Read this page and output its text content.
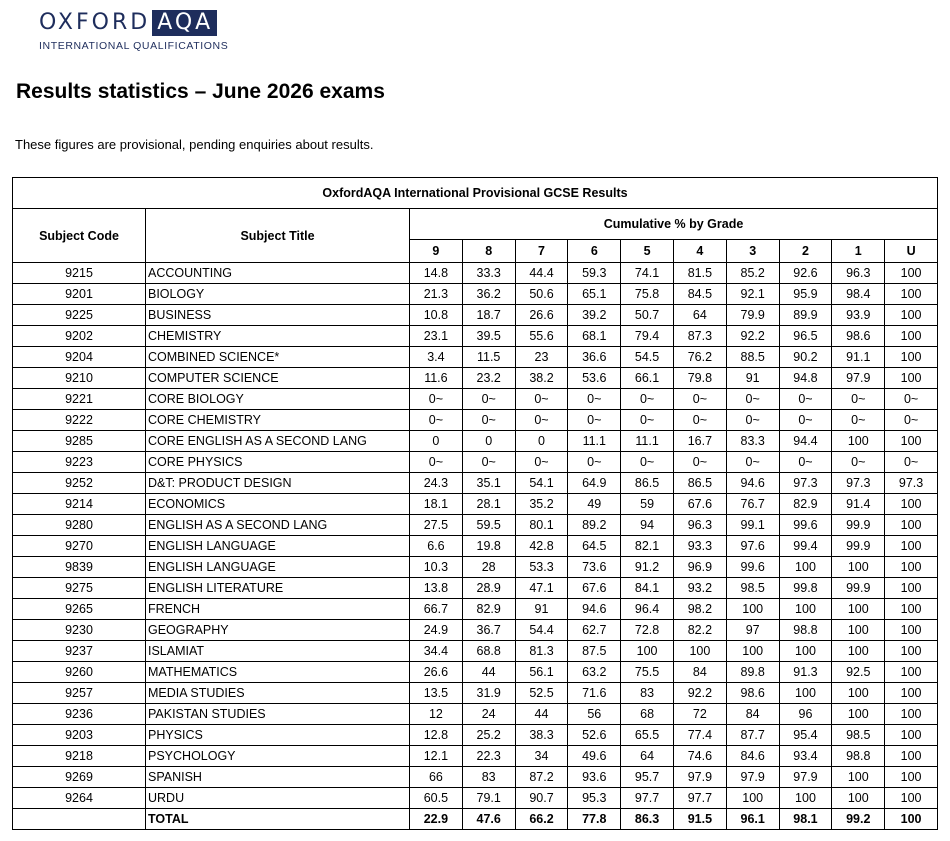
OXFORD AQA
INTERNATIONAL QUALIFICATIONS
Results statistics – June 2026 exams
These figures are provisional, pending enquiries about results.
OxfordAQA International Provisional GCSE Results											
Subject Code	Subject Title	Cumulative % by Grade									
		9	8	7	6	5	4	3	2	1	U
9215	ACCOUNTING	14.8	33.3	44.4	59.3	74.1	81.5	85.2	92.6	96.3	100
9201	BIOLOGY	21.3	36.2	50.6	65.1	75.8	84.5	92.1	95.9	98.4	100
9225	BUSINESS	10.8	18.7	26.6	39.2	50.7	64	79.9	89.9	93.9	100
9202	CHEMISTRY	23.1	39.5	55.6	68.1	79.4	87.3	92.2	96.5	98.6	100
9204	COMBINED SCIENCE*	3.4	11.5	23	36.6	54.5	76.2	88.5	90.2	91.1	100
9210	COMPUTER SCIENCE	11.6	23.2	38.2	53.6	66.1	79.8	91	94.8	97.9	100
9221	CORE BIOLOGY	0~	0~	0~	0~	0~	0~	0~	0~	0~	0~
9222	CORE CHEMISTRY	0~	0~	0~	0~	0~	0~	0~	0~	0~	0~
9285	CORE ENGLISH AS A SECOND LANG	0	0	0	11.1	11.1	16.7	83.3	94.4	100	100
9223	CORE PHYSICS	0~	0~	0~	0~	0~	0~	0~	0~	0~	0~
9252	D&T: PRODUCT DESIGN	24.3	35.1	54.1	64.9	86.5	86.5	94.6	97.3	97.3	97.3
9214	ECONOMICS	18.1	28.1	35.2	49	59	67.6	76.7	82.9	91.4	100
9280	ENGLISH AS A SECOND LANG	27.5	59.5	80.1	89.2	94	96.3	99.1	99.6	99.9	100
9270	ENGLISH LANGUAGE	6.6	19.8	42.8	64.5	82.1	93.3	97.6	99.4	99.9	100
9839	ENGLISH LANGUAGE	10.3	28	53.3	73.6	91.2	96.9	99.6	100	100	100
9275	ENGLISH LITERATURE	13.8	28.9	47.1	67.6	84.1	93.2	98.5	99.8	99.9	100
9265	FRENCH	66.7	82.9	91	94.6	96.4	98.2	100	100	100	100
9230	GEOGRAPHY	24.9	36.7	54.4	62.7	72.8	82.2	97	98.8	100	100
9237	ISLAMIAT	34.4	68.8	81.3	87.5	100	100	100	100	100	100
9260	MATHEMATICS	26.6	44	56.1	63.2	75.5	84	89.8	91.3	92.5	100
9257	MEDIA STUDIES	13.5	31.9	52.5	71.6	83	92.2	98.6	100	100	100
9236	PAKISTAN STUDIES	12	24	44	56	68	72	84	96	100	100
9203	PHYSICS	12.8	25.2	38.3	52.6	65.5	77.4	87.7	95.4	98.5	100
9218	PSYCHOLOGY	12.1	22.3	34	49.6	64	74.6	84.6	93.4	98.8	100
9269	SPANISH	66	83	87.2	93.6	95.7	97.9	97.9	97.9	100	100
9264	URDU	60.5	79.1	90.7	95.3	97.7	97.7	100	100	100	100
	TOTAL	22.9	47.6	66.2	77.8	86.3	91.5	96.1	98.1	99.2	100
